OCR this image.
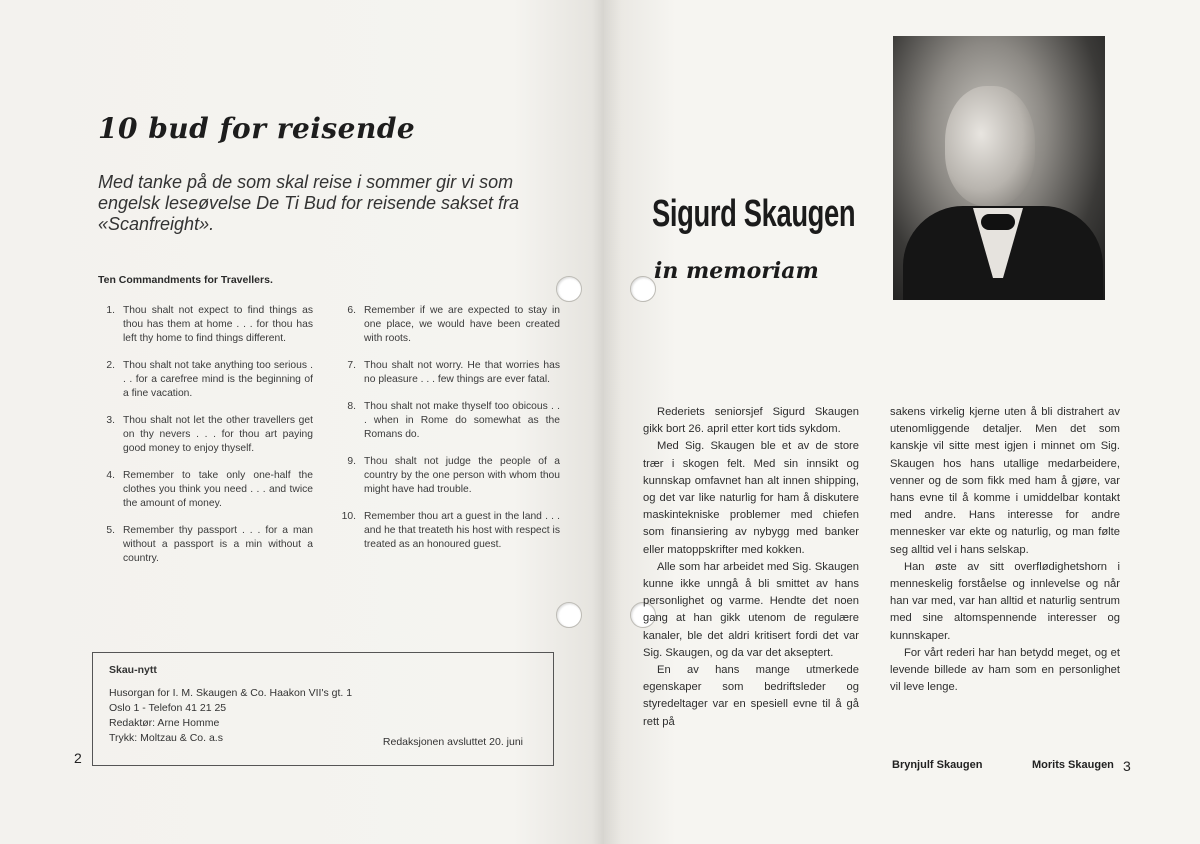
10 bud for reisende
Med tanke på de som skal reise i sommer gir vi som engelsk leseøvelse De Ti Bud for reisende sakset fra «Scanfreight».
Ten Commandments for Travellers.
1. Thou shalt not expect to find things as thou has them at home . . . for thou has left thy home to find things different.
2. Thou shalt not take anything too serious . . . for a carefree mind is the beginning of a fine vacation.
3. Thou shalt not let the other travellers get on thy nevers . . . for thou art paying good money to enjoy thyself.
4. Remember to take only one-half the clothes you think you need . . . and twice the amount of money.
5. Remember thy passport . . . for a man without a passport is a min without a country.
6. Remember if we are expected to stay in one place, we would have been created with roots.
7. Thou shalt not worry. He that worries has no pleasure . . . few things are ever fatal.
8. Thou shalt not make thyself too obicous . . . when in Rome do somewhat as the Romans do.
9. Thou shalt not judge the people of a country by the one person with whom thou might have had trouble.
10. Remember thou art a guest in the land . . . and he that treateth his host with respect is treated as an honoured guest.
Skau-nytt
Husorgan for I. M. Skaugen & Co. Haakon VII's gt. 1
Oslo 1 - Telefon 41 21 25
Redaktør: Arne Homme
Trykk: Moltzau & Co. a.s	Redaksjonen avsluttet 20. juni
2
Sigurd Skaugen
in memoriam

Rederiets seniorsjef Sigurd Skaugen gikk bort 26. april etter kort tids sykdom.

Med Sig. Skaugen ble et av de store trær i skogen felt. Med sin innsikt og kunnskap omfavnet han alt innen shipping, og det var like naturlig for ham å diskutere maskintekniske problemer med chiefen som finansiering av nybygg med banker eller matoppskrifter med kokken.

Alle som har arbeidet med Sig. Skaugen kunne ikke unngå å bli smittet av hans personlighet og varme. Hendte det noen gang at han gikk utenom de regulære kanaler, ble det aldri kritisert fordi det var Sig. Skaugen, og da var det akseptert.

En av hans mange utmerkede egenskaper som bedriftsleder og styredeltager var en spesiell evne til å gå rett på

sakens virkelig kjerne uten å bli distrahert av utenomliggende detaljer. Men det som kanskje vil sitte mest igjen i minnet om Sig. Skaugen hos hans utallige medarbeidere, venner og de som fikk med ham å gjøre, var hans evne til å komme i umiddelbar kontakt med andre. Hans interesse for andre mennesker var ekte og naturlig, og man følte seg alltid vel i hans selskap.

Han øste av sitt overflødighetshorn i menneskelig forståelse og innlevelse og når han var med, var han alltid et naturlig sentrum med sine altomspennende interesser og kunnskaper.

For vårt rederi har han betydd meget, og et levende billede av ham som en personlighet vil leve lenge.

Brynjulf Skaugen	Morits Skaugen 3
